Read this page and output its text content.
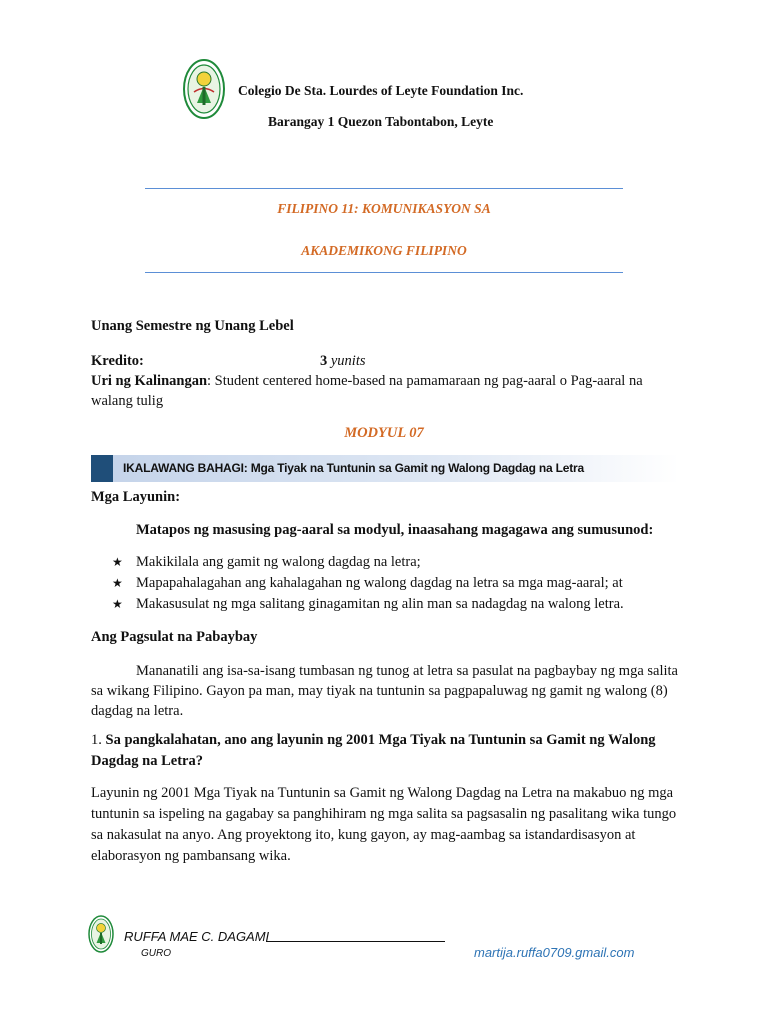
Colegio De Sta. Lourdes of Leyte Foundation Inc.
Barangay 1 Quezon Tabontabon, Leyte
FILIPINO 11: KOMUNIKASYON SA
AKADEMIKONG FILIPINO
Unang Semestre ng Unang Lebel
Kredito:	3 yunits
Uri ng Kalinangan: Student centered home-based na pamamaraan ng pag-aaral o Pag-aaral na walang tulig
MODYUL 07
IKALAWANG BAHAGI: Mga Tiyak na Tuntunin sa Gamit ng Walong Dagdag na Letra
Mga Layunin:
Matapos ng masusing pag-aaral sa modyul, inaasahang magagawa ang sumusunod:
★ Makikilala ang gamit ng walong dagdag na letra;
★ Mapapahalagahan ang kahalagahan ng walong dagdag na letra sa mga mag-aaral; at
★ Makasusulat ng mga salitang ginagamitan ng alin man sa nadagdag na walong letra.
Ang Pagsulat na Pabaybay
Mananatili ang isa-sa-isang tumbasan ng tunog at letra sa pasulat na pagbaybay ng mga salita sa wikang Filipino. Gayon pa man, may tiyak na tuntunin sa pagpapaluwag ng gamit ng walong (8) dagdag na letra.
1. Sa pangkalahatan, ano ang layunin ng 2001 Mga Tiyak na Tuntunin sa Gamit ng Walong Dagdag na Letra?
Layunin ng 2001 Mga Tiyak na Tuntunin sa Gamit ng Walong Dagdag na Letra na makabuo ng mga tuntunin sa ispeling na gagabay sa panghihiram ng mga salita sa pagsasalin ng pasalitang wika tungo sa nakasulat na anyo. Ang proyektong ito, kung gayon, ay mag-aambag sa istandardisasyon at elaborasyon ng pambansang wika.
RUFFA MAE C. DAGAMI
GURO	martija.ruffa0709.gmail.com
